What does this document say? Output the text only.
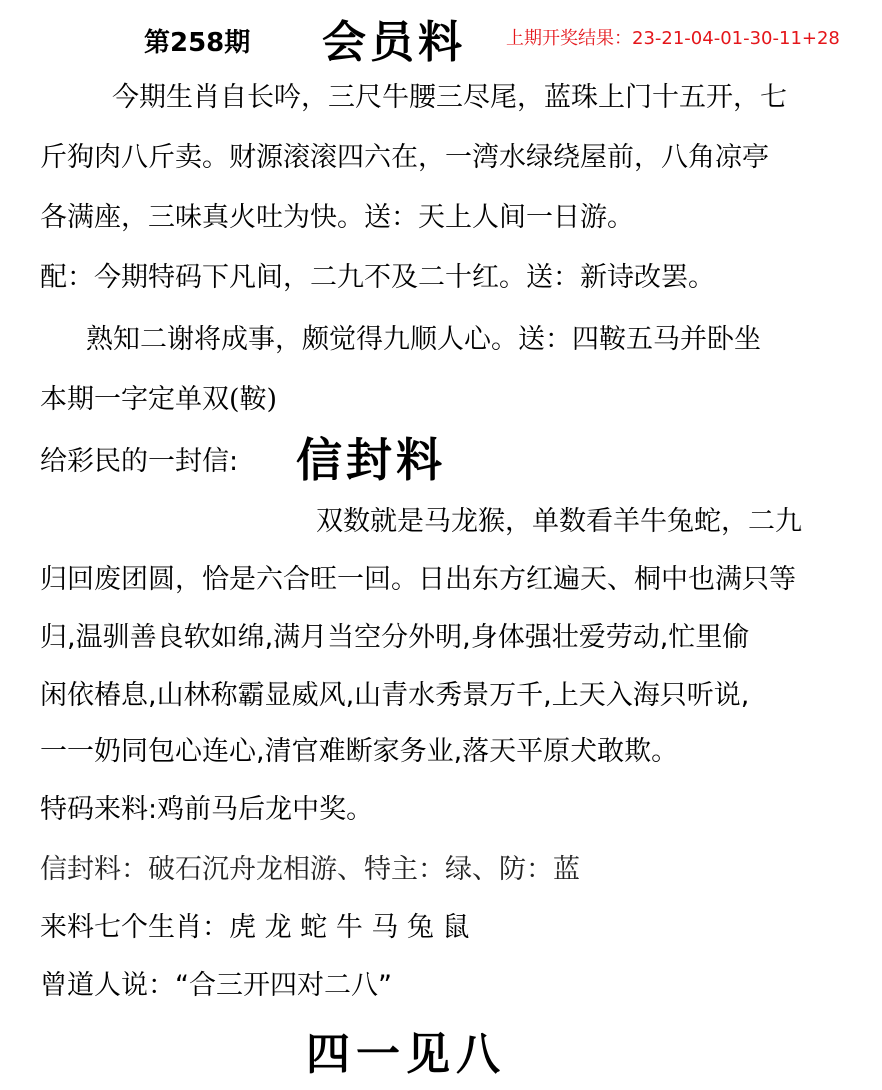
第258期 会员料 上期开奖结果：23-21-04-01-30-11+28
今期生肖自长吟，三尺牛腰三尽尾，蓝珠上门十五开，七
斤狗肉八斤卖。财源滚滚四六在，一湾水绿绕屋前，八角凉亭
各满座，三味真火吐为快。送：天上人间一日游。
配：今期特码下凡间，二九不及二十红。送：新诗改罢。
熟知二谢将成事，颇觉得九顺人心。送：四鞍五马并卧坐
本期一字定单双(鞍)
给彩民的一封信: 信封料
双数就是马龙猴，单数看羊牛兔蛇，二九
归回废团圆，恰是六合旺一回。日出东方红遍天、桐中也满只等
归,温驯善良软如绵,满月当空分外明,身体强壮爱劳动,忙里偷
闲依椿息,山林称霸显威风,山青水秀景万千,上天入海只听说,
一一奶同包心连心,清官难断家务业,落天平原犬敢欺。
特码来料:鸡前马后龙中奖。
信封料：破石沉舟龙相游、特主：绿、防：蓝
来料七个生肖：虎 龙 蛇 牛 马 兔 鼠
曾道人说：“合三开四对二八”
四一见八
